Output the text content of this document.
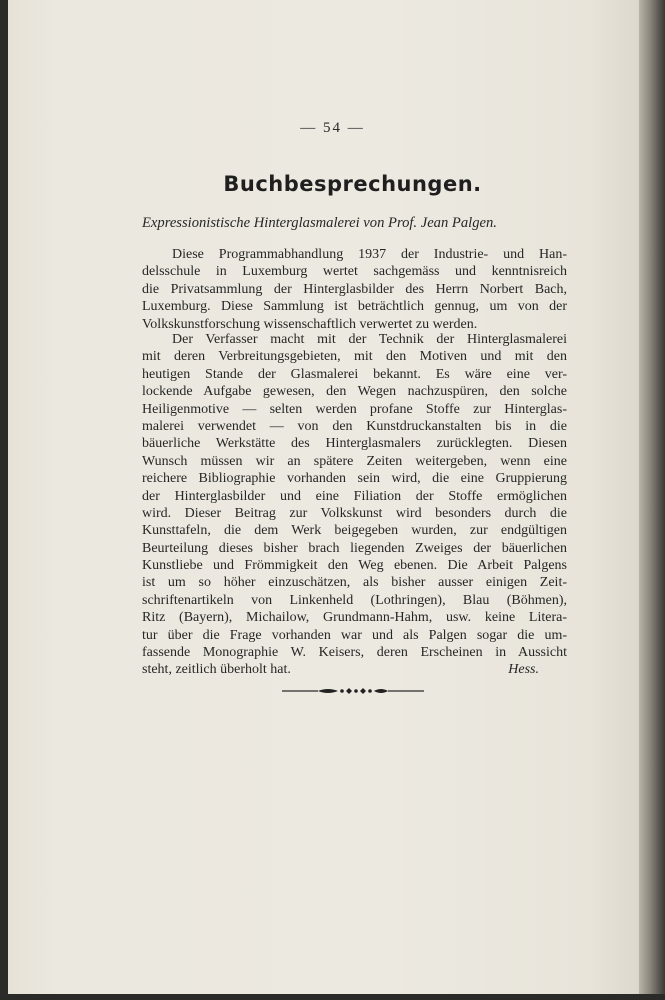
— 54 —
Buchbesprechungen.
Expressionistische Hinterglasmalerei von Prof. Jean Palgen.
Diese Programmabhandlung 1937 der Industrie- und Han-
delsschule in Luxemburg wertet sachgemäss und kenntnisreich
die Privatsammlung der Hinterglasbilder des Herrn Norbert Bach,
Luxemburg. Diese Sammlung ist beträchtlich gennug, um von der
Volkskunstforschung wissenschaftlich verwertet zu werden.
Der Verfasser macht mit der Technik der Hinterglasmalerei
mit deren Verbreitungsgebieten, mit den Motiven und mit den
heutigen Stande der Glasmalerei bekannt. Es wäre eine ver-
lockende Aufgabe gewesen, den Wegen nachzuspüren, den solche
Heiligenmotive — selten werden profane Stoffe zur Hinterglas-
malerei verwendet — von den Kunstdruckanstalten bis in die
bäuerliche Werkstätte des Hinterglasmalers zurücklegten. Diesen
Wunsch müssen wir an spätere Zeiten weitergeben, wenn eine
reichere Bibliographie vorhanden sein wird, die eine Gruppierung
der Hinterglasbilder und eine Filiation der Stoffe ermöglichen
wird. Dieser Beitrag zur Volkskunst wird besonders durch die
Kunsttafeln, die dem Werk beigegeben wurden, zur endgültigen
Beurteilung dieses bisher brach liegenden Zweiges der bäuerlichen
Kunstliebe und Frömmigkeit den Weg ebenen. Die Arbeit Palgens
ist um so höher einzuschätzen, als bisher ausser einigen Zeit-
schriftenartikeln von Linkenheld (Lothringen), Blau (Böhmen),
Ritz (Bayern), Michailow, Grundmann-Hahm, usw. keine Litera-
tur über die Frage vorhanden war und als Palgen sogar die um-
fassende Monographie W. Keisers, deren Erscheinen in Aussicht
steht, zeitlich überholt hat.	Hess.
